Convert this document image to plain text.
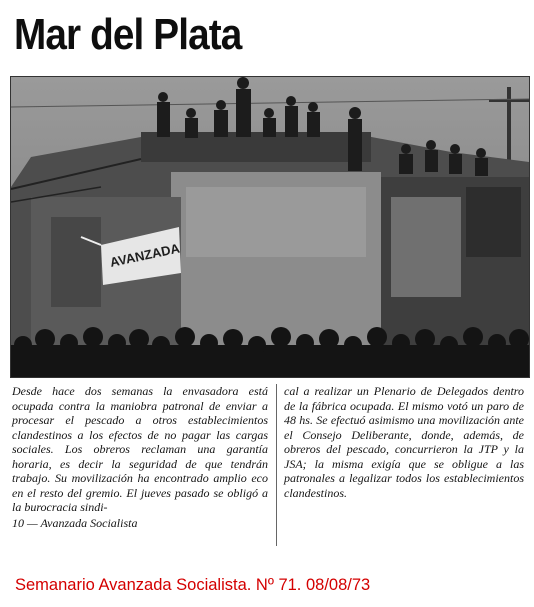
Mar del Plata
AVANZADA

Desde hace dos semanas la envasadora está ocupada contra la maniobra patronal de enviar a procesar el pescado a otros establecimientos clandestinos a los efectos de no pagar las cargas sociales. Los obreros reclaman una garantía horaria, es decir la seguridad de que tendrán trabajo. Su movilización ha encontrado amplio eco en el resto del gremio. El jueves pasado se obligó a la burocracia sindi-

10 — Avanzada Socialista

cal a realizar un Plenario de Delegados dentro de la fábrica ocupada. El mismo votó un paro de 48 hs. Se efectuó asimismo una movilización ante el Consejo Deliberante, donde, además, de obreros del pescado, concurrieron la JTP y la JSA; la misma exigía que se obligue a las patronales a legalizar todos los establecimientos clandestinos.

Semanario Avanzada Socialista. Nº 71. 08/08/73
